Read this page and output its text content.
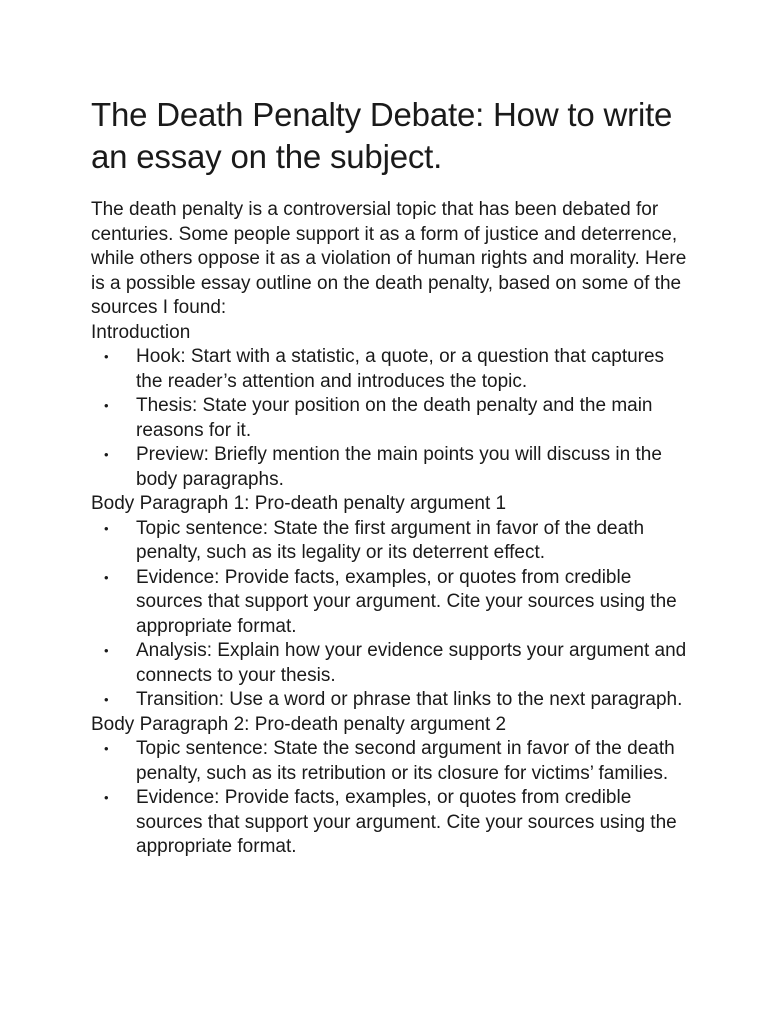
The Death Penalty Debate: How to write an essay on the subject.

The death penalty is a controversial topic that has been debated for centuries. Some people support it as a form of justice and deterrence, while others oppose it as a violation of human rights and morality. Here is a possible essay outline on the death penalty, based on some of the sources I found:

Introduction

• Hook: Start with a statistic, a quote, or a question that captures the reader’s attention and introduces the topic.
• Thesis: State your position on the death penalty and the main reasons for it.
• Preview: Briefly mention the main points you will discuss in the body paragraphs.

Body Paragraph 1: Pro-death penalty argument 1

• Topic sentence: State the first argument in favor of the death penalty, such as its legality or its deterrent effect.
• Evidence: Provide facts, examples, or quotes from credible sources that support your argument. Cite your sources using the appropriate format.
• Analysis: Explain how your evidence supports your argument and connects to your thesis.
• Transition: Use a word or phrase that links to the next paragraph.

Body Paragraph 2: Pro-death penalty argument 2

• Topic sentence: State the second argument in favor of the death penalty, such as its retribution or its closure for victims’ families.
• Evidence: Provide facts, examples, or quotes from credible sources that support your argument. Cite your sources using the appropriate format.
